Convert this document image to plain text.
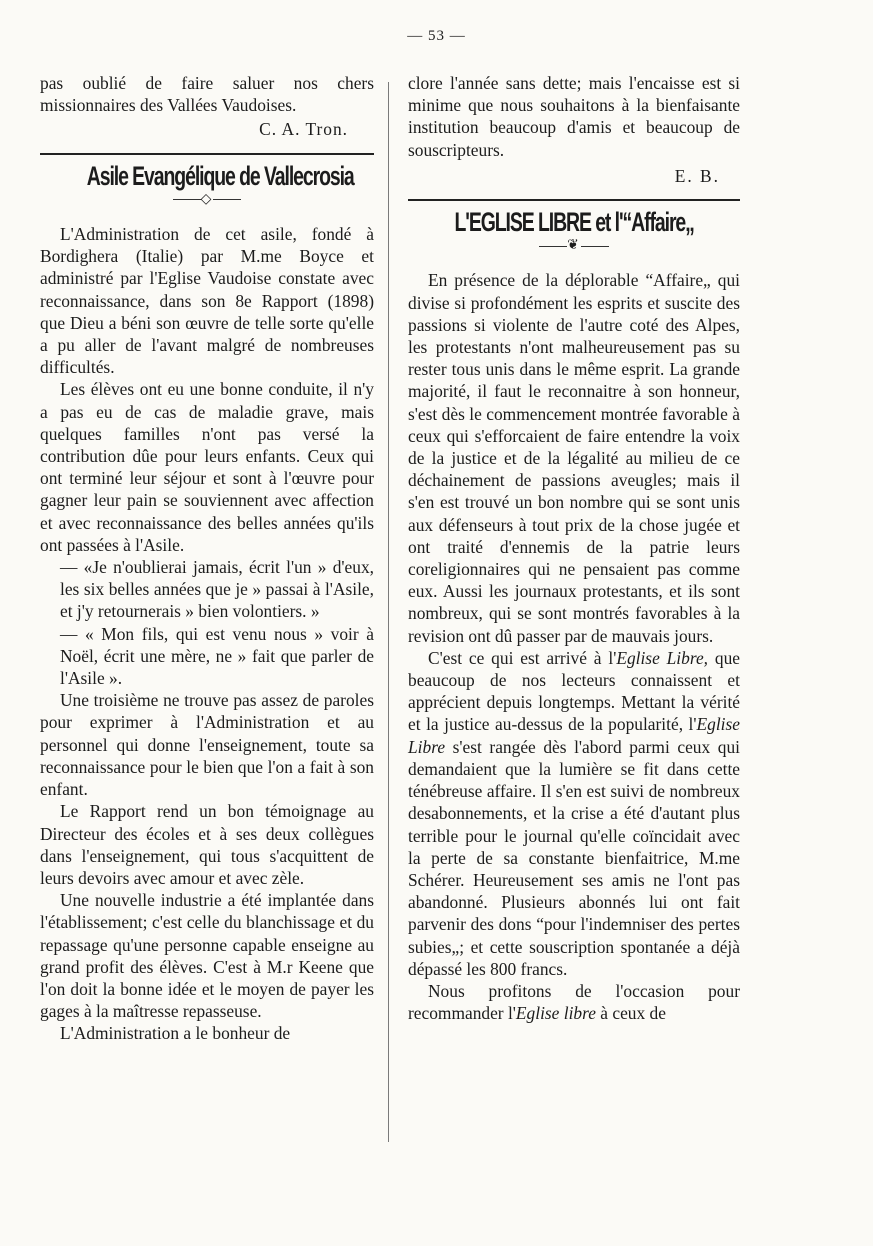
— 53 —

pas oublié de faire saluer nos chers missionnaires des Vallées Vaudoises.

C. A. Tron.
Asile Evangélique de Vallecrosia
◇

L'Administration de cet asile, fondé à Bordighera (Italie) par M.me Boyce et administré par l'Eglise Vaudoise constate avec reconnaissance, dans son 8e Rapport (1898) que Dieu a béni son œuvre de telle sorte qu'elle a pu aller de l'avant malgré de nombreuses difficultés.

Les élèves ont eu une bonne conduite, il n'y a pas eu de cas de maladie grave, mais quelques familles n'ont pas versé la contribution dûe pour leurs enfants. Ceux qui ont terminé leur séjour et sont à l'œuvre pour gagner leur pain se souviennent avec affection et avec reconnaissance des belles années qu'ils ont passées à l'Asile.

— «Je n'oublierai jamais, écrit l'un » d'eux, les six belles années que je » passai à l'Asile, et j'y retournerais » bien volontiers. »

— « Mon fils, qui est venu nous » voir à Noël, écrit une mère, ne » fait que parler de l'Asile ».

Une troisième ne trouve pas assez de paroles pour exprimer à l'Administration et au personnel qui donne l'enseignement, toute sa reconnaissance pour le bien que l'on a fait à son enfant.

Le Rapport rend un bon témoignage au Directeur des écoles et à ses deux collègues dans l'enseignement, qui tous s'acquittent de leurs devoirs avec amour et avec zèle.

Une nouvelle industrie a été implantée dans l'établissement; c'est celle du blanchissage et du repassage qu'une personne capable enseigne au grand profit des élèves. C'est à M.r Keene que l'on doit la bonne idée et le moyen de payer les gages à la maîtresse repasseuse.

L'Administration a le bonheur de

clore l'année sans dette; mais l'encaisse est si minime que nous souhaitons à la bienfaisante institution beaucoup d'amis et beaucoup de souscripteurs.

E. B.
L'EGLISE LIBRE et l'“Affaire„
❦

En présence de la déplorable “Affaire„ qui divise si profondément les esprits et suscite des passions si violente de l'autre coté des Alpes, les protestants n'ont malheureusement pas su rester tous unis dans le même esprit. La grande majorité, il faut le reconnaitre à son honneur, s'est dès le commencement montrée favorable à ceux qui s'efforcaient de faire entendre la voix de la justice et de la légalité au milieu de ce déchainement de passions aveugles; mais il s'en est trouvé un bon nombre qui se sont unis aux défenseurs à tout prix de la chose jugée et ont traité d'ennemis de la patrie leurs coreligionnaires qui ne pensaient pas comme eux. Aussi les journaux protestants, et ils sont nombreux, qui se sont montrés favorables à la revision ont dû passer par de mauvais jours.

C'est ce qui est arrivé à l'Eglise Libre, que beaucoup de nos lecteurs connaissent et apprécient depuis longtemps. Mettant la vérité et la justice au-dessus de la popularité, l'Eglise Libre s'est rangée dès l'abord parmi ceux qui demandaient que la lumière se fit dans cette ténébreuse affaire. Il s'en est suivi de nombreux desabonnements, et la crise a été d'autant plus terrible pour le journal qu'elle coïncidait avec la perte de sa constante bienfaitrice, M.me Schérer. Heureusement ses amis ne l'ont pas abandonné. Plusieurs abonnés lui ont fait parvenir des dons “pour l'indemniser des pertes subies„; et cette souscription spontanée a déjà dépassé les 800 francs.

Nous profitons de l'occasion pour recommander l'Eglise libre à ceux de
